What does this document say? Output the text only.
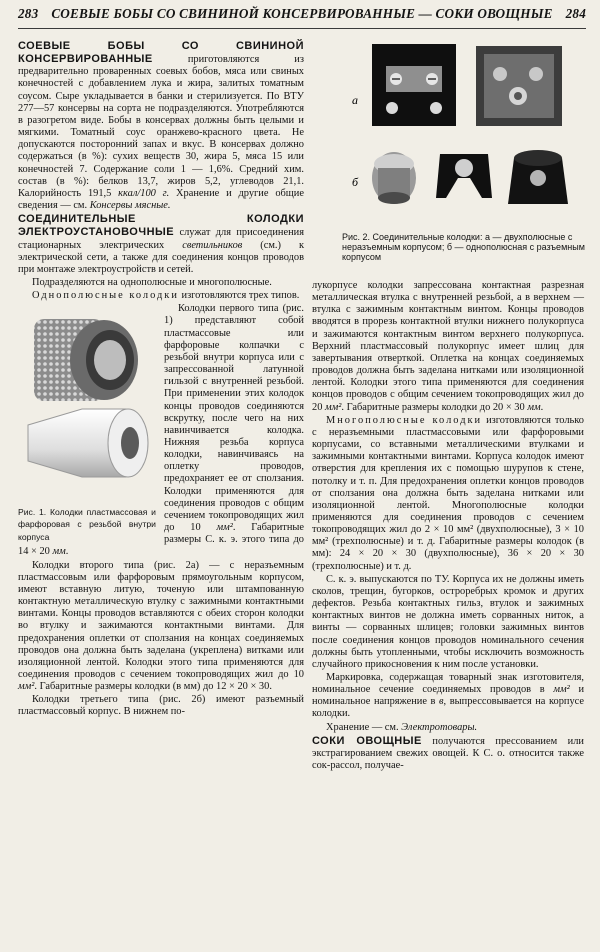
283 СОЕВЫЕ БОБЫ СО СВИНИНОЙ КОНСЕРВИРОВАННЫЕ — СОКИ ОВОЩНЫЕ 284

СОЕВЫЕ БОБЫ СО СВИНИНОЙ КОНСЕРВИРОВАННЫЕ	приготовляются из предварительно проваренных соевых бобов, мяса или свиных конечностей с добавлением лука и жира, залитых томатным соусом. Сыре укладывается в банки и стерилизуется. По ВТУ 277—57 консервы на сорта не подразделяются. Употребляются в разогретом виде. Бобы в консервах должны быть целыми и мягкими. Томатный соус оранжево-красного цвета. Не допускаются посторонний запах и вкус. В консервах должно содержаться (в %): сухих веществ 30, жира 5, мяса 15 или конечностей 7. Содержание соли 1 — 1,6%. Средний хим. состав (в %): белков 13,7, жиров 5,2, углеводов 21,1. Калорийность 191,5 ккал/100 г. Хранение и другие общие сведения — см. Консервы мясные.

СОЕДИНИТЕЛЬНЫЕ КОЛОДКИ ЭЛЕКТРОУСТАНОВОЧНЫЕ служат для присоединения стационарных электрических светильников (см.) к электрической сети, а также для соединения концов проводов при монтаже электроустройств и сетей.

Подразделяются на однополюсные и многополюсные.

Однополюсные колодки изготовляются трех типов.

Рис. 1. Колодки пластмассовая и фарфоровая с резьбой внутри корпуса
Колодки первого типа (рис. 1) представляют собой пластмассовые или фарфоровые колпачки с резьбой внутри корпуса или с запрессованной латунной гильзой с внутренней резьбой. При применении этих колодок концы проводов соединяются вскрутку, после чего на них навинчивается колодка. Нижняя резьба корпуса колодки, навинчиваясь на оплетку проводов, предохраняет ее от сползания. Колодки применяются для соединения проводов с общим сечением токопроводящих жил до 10 мм². Габаритные размеры С. к. э. этого типа до 14 × 20 мм.

Колодки второго типа (рис. 2а) — с неразъемным пластмассовым или фарфоровым прямоугольным корпусом, имеют вставную литую, точеную или штампованную контактную металлическую втулку с зажимными контактными винтами. Концы проводов вставляются с обеих сторон колодки во втулку и зажимаются контактными винтами. Для предохранения оплетки от сползания на концах соединяемых проводов она должна быть заделана (укреплена) витками или изоляционной лентой. Колодки этого типа применяются для соединения проводов с сечением токопроводящих жил до 10 мм². Габаритные размеры колодки (в мм) до 12 × 20 × 30.

Колодки третьего типа (рис. 2б) имеют разъемный пластмассовый корпус. В нижнем по-

а
б
Рис. 2. Соединительные колодки: а — двухполюсные с неразъемным корпусом; б — однополюсная с разъемным корпусом

лукорпусе колодки запрессована контактная разрезная металлическая втулка с внутренней резьбой, а в верхнем — втулка с зажимным контактным винтом. Концы проводов вводятся в прорезь контактной втулки нижнего полукорпуса и зажимаются контактным винтом верхнего полукорпуса. Верхний пластмассовый полукорпус имеет шлиц для завертывания отверткой. Оплетка на концах соединяемых проводов должна быть заделана нитками или изоляционной лентой. Колодки этого типа применяются для соединения концов проводов с общим сечением токопроводящих жил до 20 мм². Габаритные размеры колодки до 20 × 30 мм.

Многополюсные колодки изготовляются только с неразъемными пластмассовыми или фарфоровыми корпусами, со вставными металлическими втулками и зажимными контактными винтами. Корпуса колодок имеют отверстия для крепления их с помощью шурупов к стене, потолку и т. п. Для предохранения оплетки концов проводов от сползания она должна быть заделана нитками или изоляционной лентой. Многополюсные колодки применяются для соединения проводов с сечением токопроводящих жил до 2 × 10 мм² (двухполюсные), 3 × 10 мм² (трехполюсные) и т. д. Габаритные размеры колодок (в мм): 24 × 20 × 30 (двухполюсные), 36 × 20 × 30 (трехполюсные) и т. д.

С. к. э. выпускаются по ТУ. Корпуса их не должны иметь сколов, трещин, бугорков, остроребрых кромок и других дефектов. Резьба контактных гильз, втулок и зажимных контактных винтов не должна иметь сорванных ниток, а винты — сорванных шлицев; головки зажимных винтов после соединения концов проводов номинального сечения должны быть утопленными, чтобы исключить возможность случайного прикосновения к ним после установки.

Маркировка, содержащая товарный знак изготовителя, номинальное сечение соединяемых проводов в мм² и номинальное напряжение в в, выпрессовывается на корпусе колодки.

Хранение — см. Электротовары.

СОКИ ОВОЩНЫЕ получаются прессованием или экстрагированием свежих овощей. К С. о. относится также сок-рассол, получае-
